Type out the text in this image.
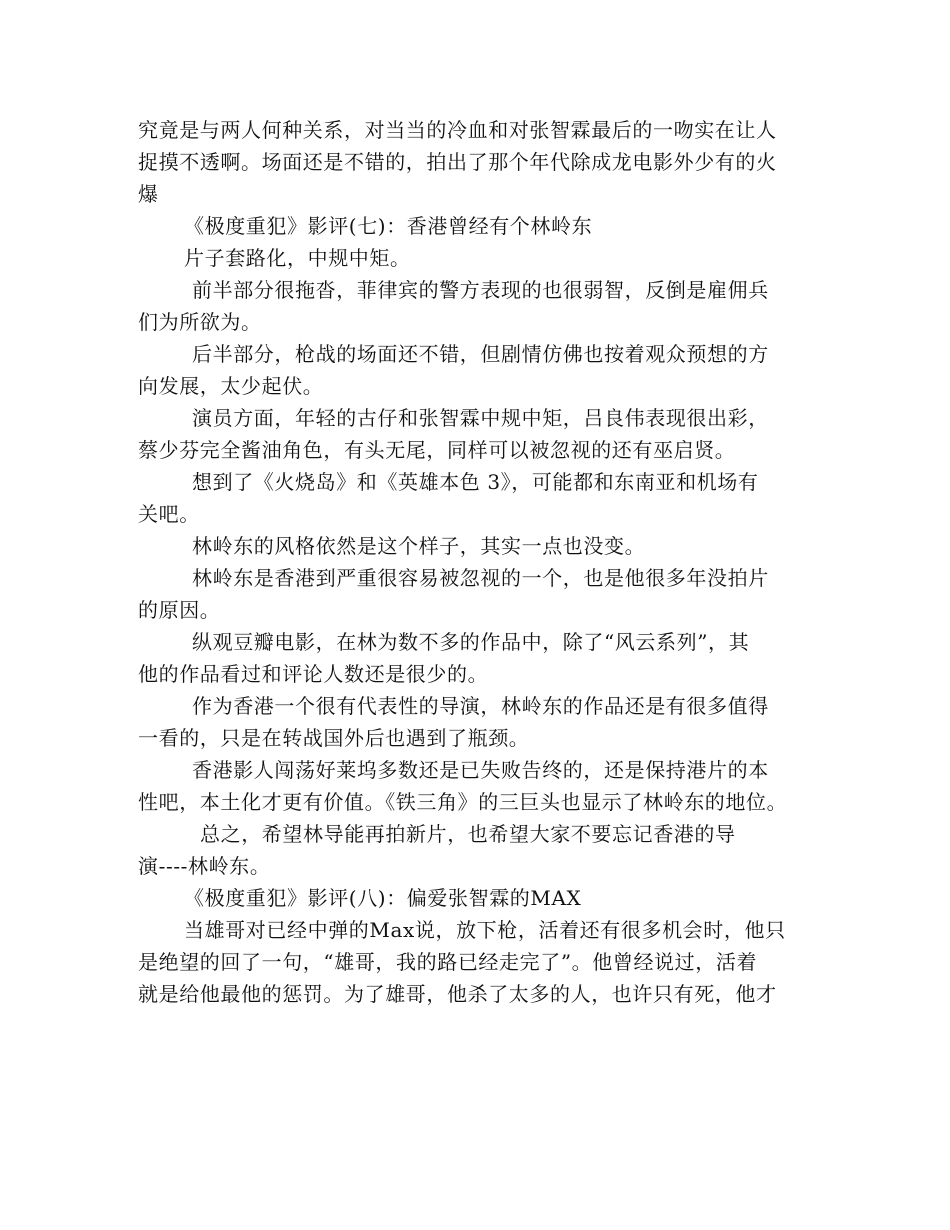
究竟是与两人何种关系，对当当的冷血和对张智霖最后的一吻实在让人

捉摸不透啊。场面还是不错的，拍出了那个年代除成龙电影外少有的火

爆

《极度重犯》影评(七)：香港曾经有个林岭东

片子套路化，中规中矩。

前半部分很拖沓，菲律宾的警方表现的也很弱智，反倒是雇佣兵

们为所欲为。

后半部分，枪战的场面还不错，但剧情仿佛也按着观众预想的方

向发展，太少起伏。

演员方面，年轻的古仔和张智霖中规中矩，吕良伟表现很出彩，

蔡少芬完全酱油角色，有头无尾，同样可以被忽视的还有巫启贤。

想到了《火烧岛》和《英雄本色 3》，可能都和东南亚和机场有

关吧。

林岭东的风格依然是这个样子，其实一点也没变。

林岭东是香港到严重很容易被忽视的一个，也是他很多年没拍片

的原因。

纵观豆瓣电影，在林为数不多的作品中，除了“风云系列”，其

他的作品看过和评论人数还是很少的。

作为香港一个很有代表性的导演，林岭东的作品还是有很多值得

一看的，只是在转战国外后也遇到了瓶颈。

香港影人闯荡好莱坞多数还是已失败告终的，还是保持港片的本

性吧，本土化才更有价值。《铁三角》的三巨头也显示了林岭东的地位。

总之，希望林导能再拍新片，也希望大家不要忘记香港的导

演----林岭东。

《极度重犯》影评(八)：偏爱张智霖的MAX

当雄哥对已经中弹的Max说，放下枪，活着还有很多机会时，他只

是绝望的回了一句，“雄哥，我的路已经走完了”。他曾经说过，活着

就是给他最他的惩罚。为了雄哥，他杀了太多的人，也许只有死，他才
